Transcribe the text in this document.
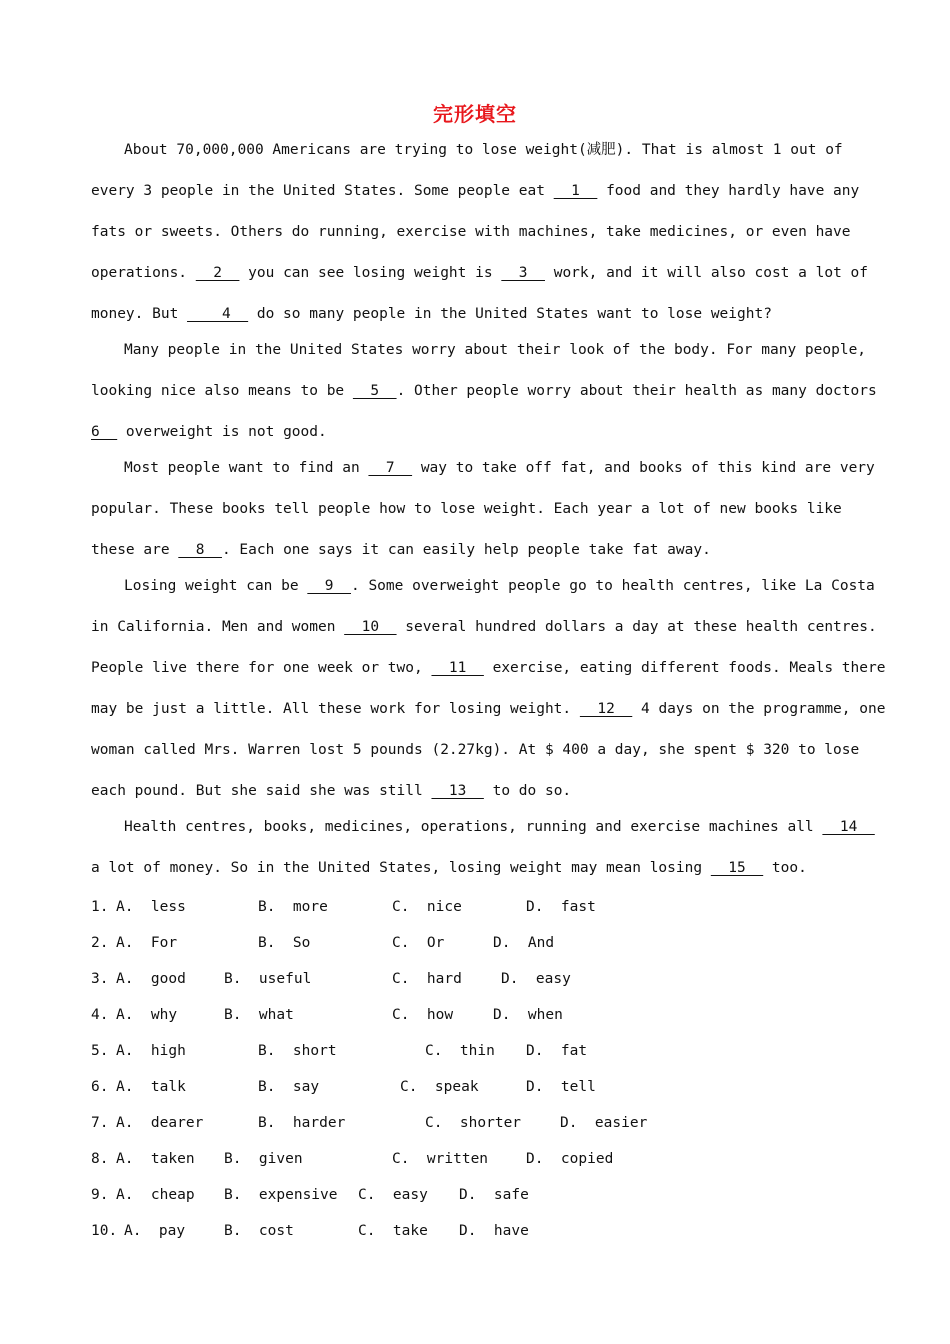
完形填空
About 70,000,000 Americans are trying to lose weight(减肥). That is almost 1 out of
every 3 people in the United States. Some people eat   1   food and they hardly have any
fats or sweets. Others do running, exercise with machines, take medicines, or even have
operations.   2   you can see losing weight is   3   work, and it will also cost a lot of
money. But     4   do so many people in the United States want to lose weight?
Many people in the United States worry about their look of the body. For many people,
looking nice also means to be   5  . Other people worry about their health as many doctors
6   overweight is not good.
Most people want to find an   7   way to take off fat, and books of this kind are very
popular. These books tell people how to lose weight. Each year a lot of new books like
these are   8  . Each one says it can easily help people take fat away.
Losing weight can be   9  . Some overweight people go to health centres, like La Costa
in California. Men and women   10   several hundred dollars a day at these health centres.
People live there for one week or two,   11   exercise, eating different foods. Meals there
may be just a little. All these work for losing weight.   12   4 days on the programme, one
woman called Mrs. Warren lost 5 pounds (2.27kg). At $ 400 a day, she spent $ 320 to lose
each pound. But she said she was still   13   to do so.
Health centres, books, medicines, operations, running and exercise machines all   14
a lot of money. So in the United States, losing weight may mean losing   15   too.
1. A.  less	B.  more	C.  nice	D.  fast
2. A.  For	B.  So	C.  Or	D.  And
3. A.  good	B.  useful	C.  hard	D.  easy
4. A.  why	B.  what	C.  how	D.  when
5. A.  high	B.  short	C.  thin D.  fat
6. A.  talk	B.  say	C.  speak	D.  tell
7. A.  dearer	B.  harder	C.  shorter	D.  easier
8. A.  taken B.  given	C.  written	D.  copied
9. A.  cheap B.  expensive C.  easy D.  safe
10. A.  pay	B.  cost	C.  take D.  have
